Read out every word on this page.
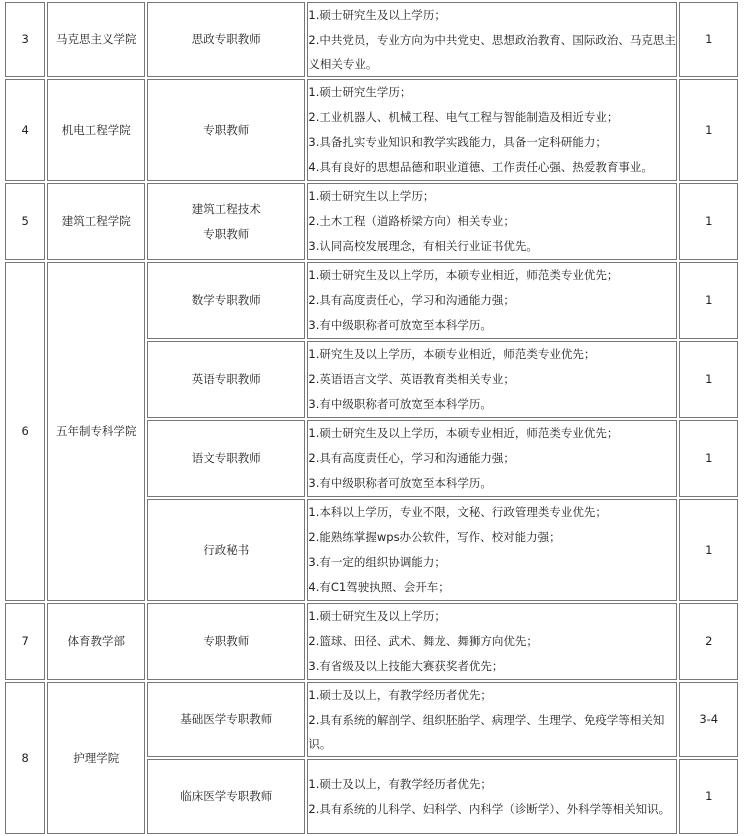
3	马克思主义学院	思政专职教师	1.硕士研究生及以上学历；
2.中共党员，专业方向为中共党史、思想政治教育、国际政治、马克思主义相关专业。	1
4	机电工程学院	专职教师	1.硕士研究生学历；
2.工业机器人、机械工程、电气工程与智能制造及相近专业；
3.具备扎实专业知识和教学实践能力，具备一定科研能力；
4.具有良好的思想品德和职业道德、工作责任心强、热爱教育事业。	1
5	建筑工程学院	建筑工程技术
专职教师	1.硕士研究生以上学历；
2.土木工程（道路桥梁方向）相关专业；
3.认同高校发展理念，有相关行业证书优先。	1
6	五年制专科学院	数学专职教师	1.硕士研究生及以上学历，本硕专业相近，师范类专业优先；
2.具有高度责任心，学习和沟通能力强；
3.有中级职称者可放宽至本科学历。	1

		英语专职教师	1.研究生及以上学历，本硕专业相近，师范类专业优先；
2.英语语言文学、英语教育类相关专业；
3.有中级职称者可放宽至本科学历。	1

		语文专职教师	1.硕士研究生及以上学历，本硕专业相近，师范类专业优先；
2.具有高度责任心，学习和沟通能力强；
3.有中级职称者可放宽至本科学历。	1

		行政秘书	1.本科以上学历，专业不限，文秘、行政管理类专业优先；
2.能熟练掌握wps办公软件，写作、校对能力强；
3.有一定的组织协调能力；
4.有C1驾驶执照、会开车；	1
7	体育教学部	专职教师	1.硕士研究生及以上学历；
2.篮球、田径、武术、舞龙、舞狮方向优先；
3.有省级及以上技能大赛获奖者优先；	2
8	护理学院	基础医学专职教师	1.硕士及以上，有教学经历者优先；
2.具有系统的解剖学、组织胚胎学、病理学、生理学、免疫学等相关知识。	3-4

		临床医学专职教师	1.硕士及以上，有教学经历者优先；
2.具有系统的儿科学、妇科学、内科学（诊断学）、外科学等相关知识。	1
